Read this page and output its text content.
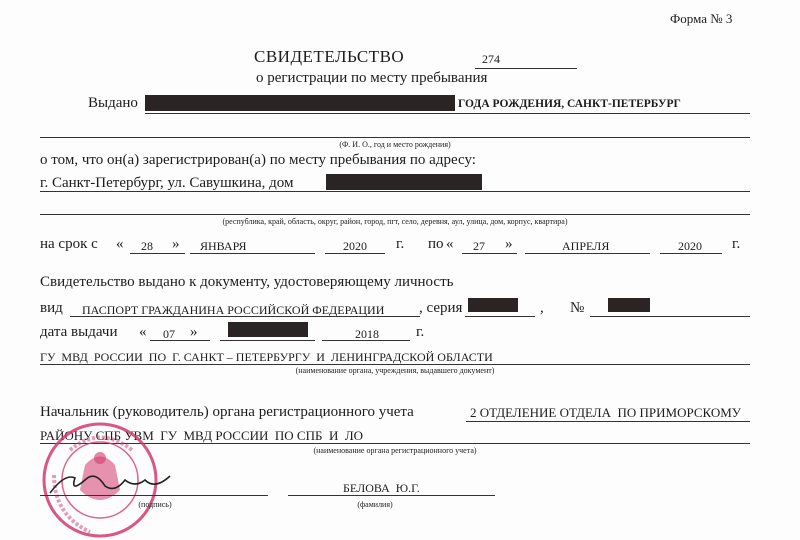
Форма № 3
СВИДЕТЕЛЬСТВО	274
о регистрации по месту пребывания
Выдано	ГОДА РОЖДЕНИЯ, САНКТ-ПЕТЕРБУРГ
(Ф. И. О., год и место рождения)
о том, что он(а) зарегистрирован(а) по месту пребывания по адресу:
г. Санкт-Петербург, ул. Савушкина, дом
(республика, край, область, округ, район, город, пгт, село, деревня, аул, улица, дом, корпус, квартира)
на срок с « 28 » ЯНВАРЯ	2020 г. по « 27 »	АПРЕЛЯ	2020 г.
Свидетельство выдано к документу, удостоверяющему личность
вид ПАСПОРТ ГРАЖДАНИНА РОССИЙСКОЙ ФЕДЕРАЦИИ , серия	, №
дата выдачи « 07 »	2018 г.
ГУ  МВД  РОССИИ  ПО  Г. САНКТ – ПЕТЕРБУРГУ  И  ЛЕНИНГРАДСКОЙ ОБЛАСТИ
(наименование органа, учреждения, выдавшего документ)
Начальник (руководитель) органа регистрационного учета	2 ОТДЕЛЕНИЕ ОТДЕЛА  ПО ПРИМОРСКОМУ
РАЙОНУ СПБ УВМ  ГУ  МВД РОССИИ  ПО СПБ  И  ЛО
(наименование органа регистрационного учета)
(подпись)
БЕЛОВА  Ю.Г.
(фамилия)
